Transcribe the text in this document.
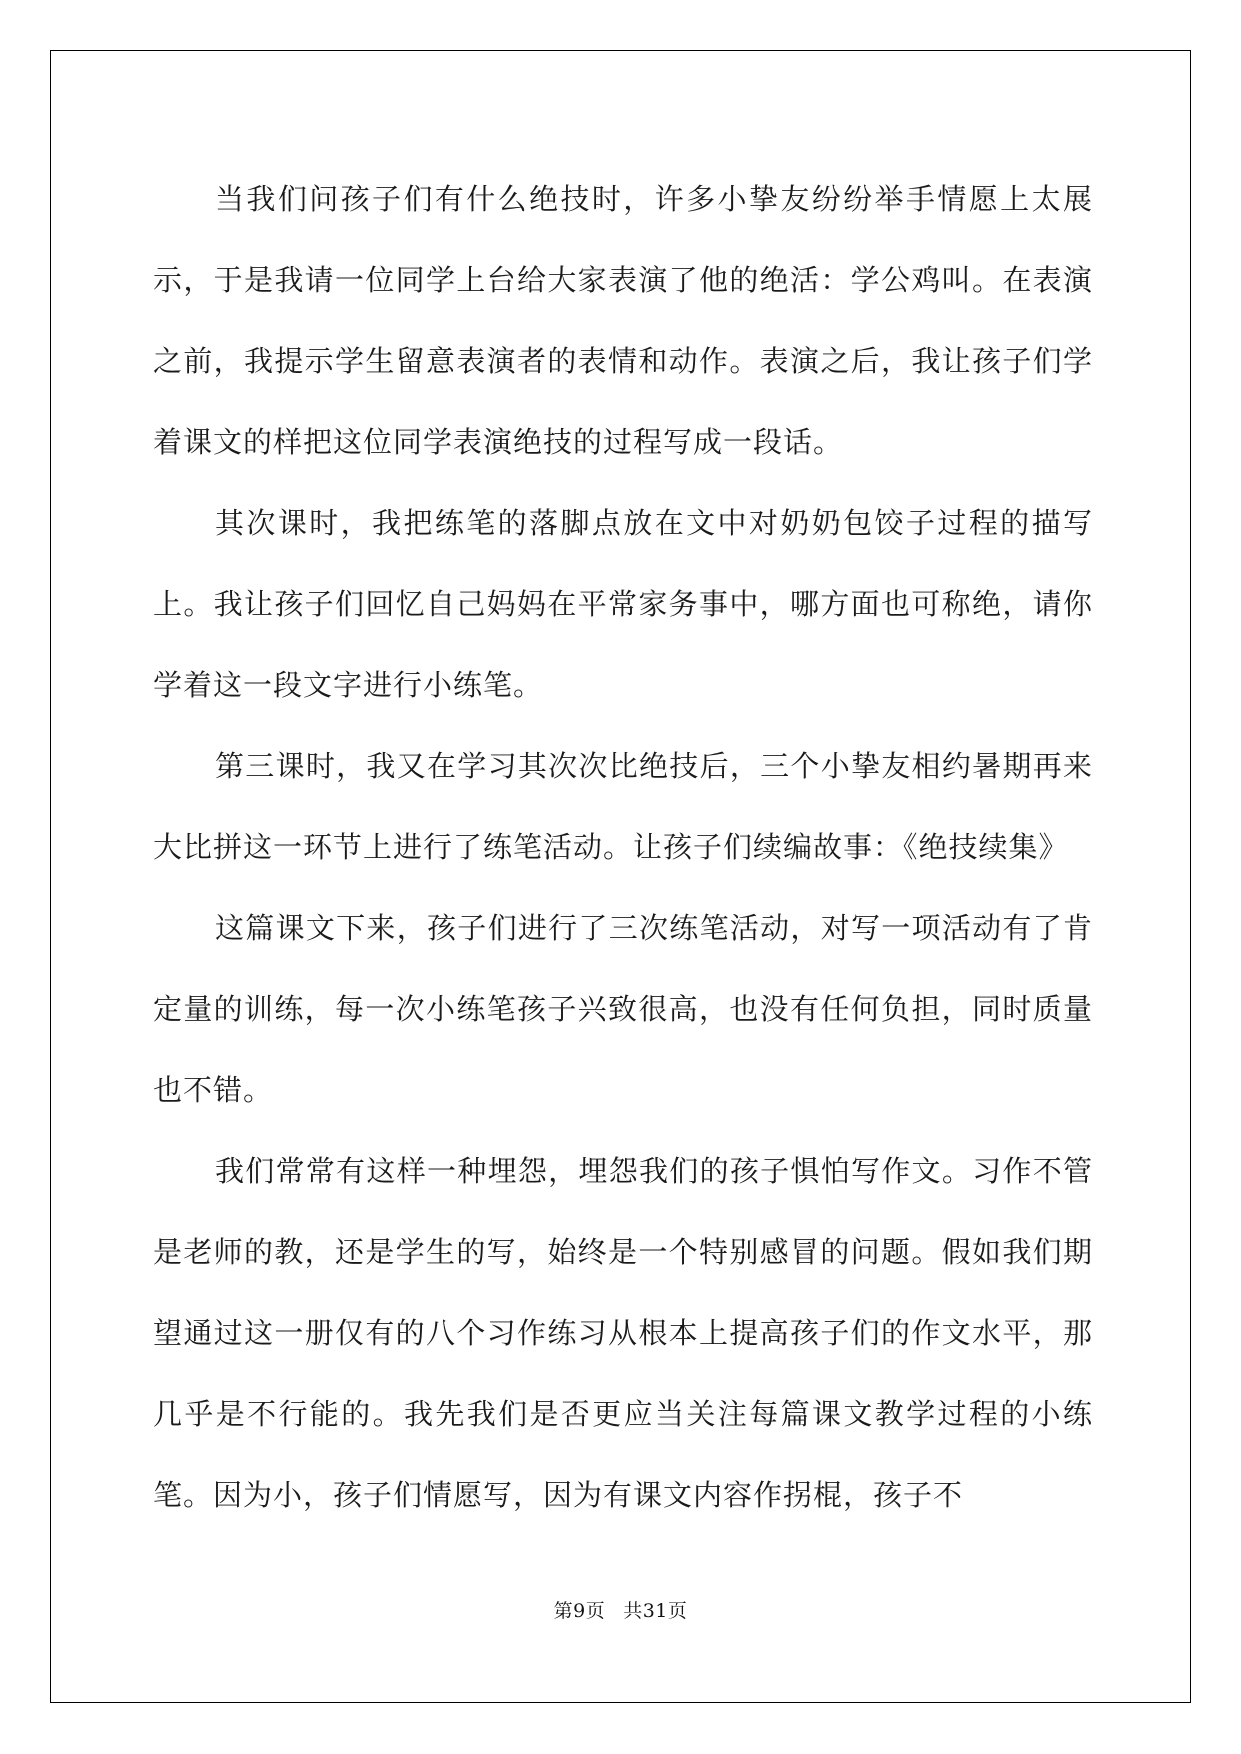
当我们问孩子们有什么绝技时，许多小挚友纷纷举手情愿上太展示，于是我请一位同学上台给大家表演了他的绝活：学公鸡叫。在表演之前，我提示学生留意表演者的表情和动作。表演之后，我让孩子们学着课文的样把这位同学表演绝技的过程写成一段话。

其次课时，我把练笔的落脚点放在文中对奶奶包饺子过程的描写上。我让孩子们回忆自己妈妈在平常家务事中，哪方面也可称绝，请你学着这一段文字进行小练笔。

第三课时，我又在学习其次次比绝技后，三个小挚友相约暑期再来大比拼这一环节上进行了练笔活动。让孩子们续编故事：《绝技续集》

这篇课文下来，孩子们进行了三次练笔活动，对写一项活动有了肯定量的训练，每一次小练笔孩子兴致很高，也没有任何负担，同时质量也不错。

我们常常有这样一种埋怨，埋怨我们的孩子惧怕写作文。习作不管是老师的教，还是学生的写，始终是一个特别感冒的问题。假如我们期望通过这一册仅有的八个习作练习从根本上提高孩子们的作文水平，那几乎是不行能的。我先我们是否更应当关注每篇课文教学过程的小练笔。因为小，孩子们情愿写，因为有课文内容作拐棍，孩子不

第9页 共31页
